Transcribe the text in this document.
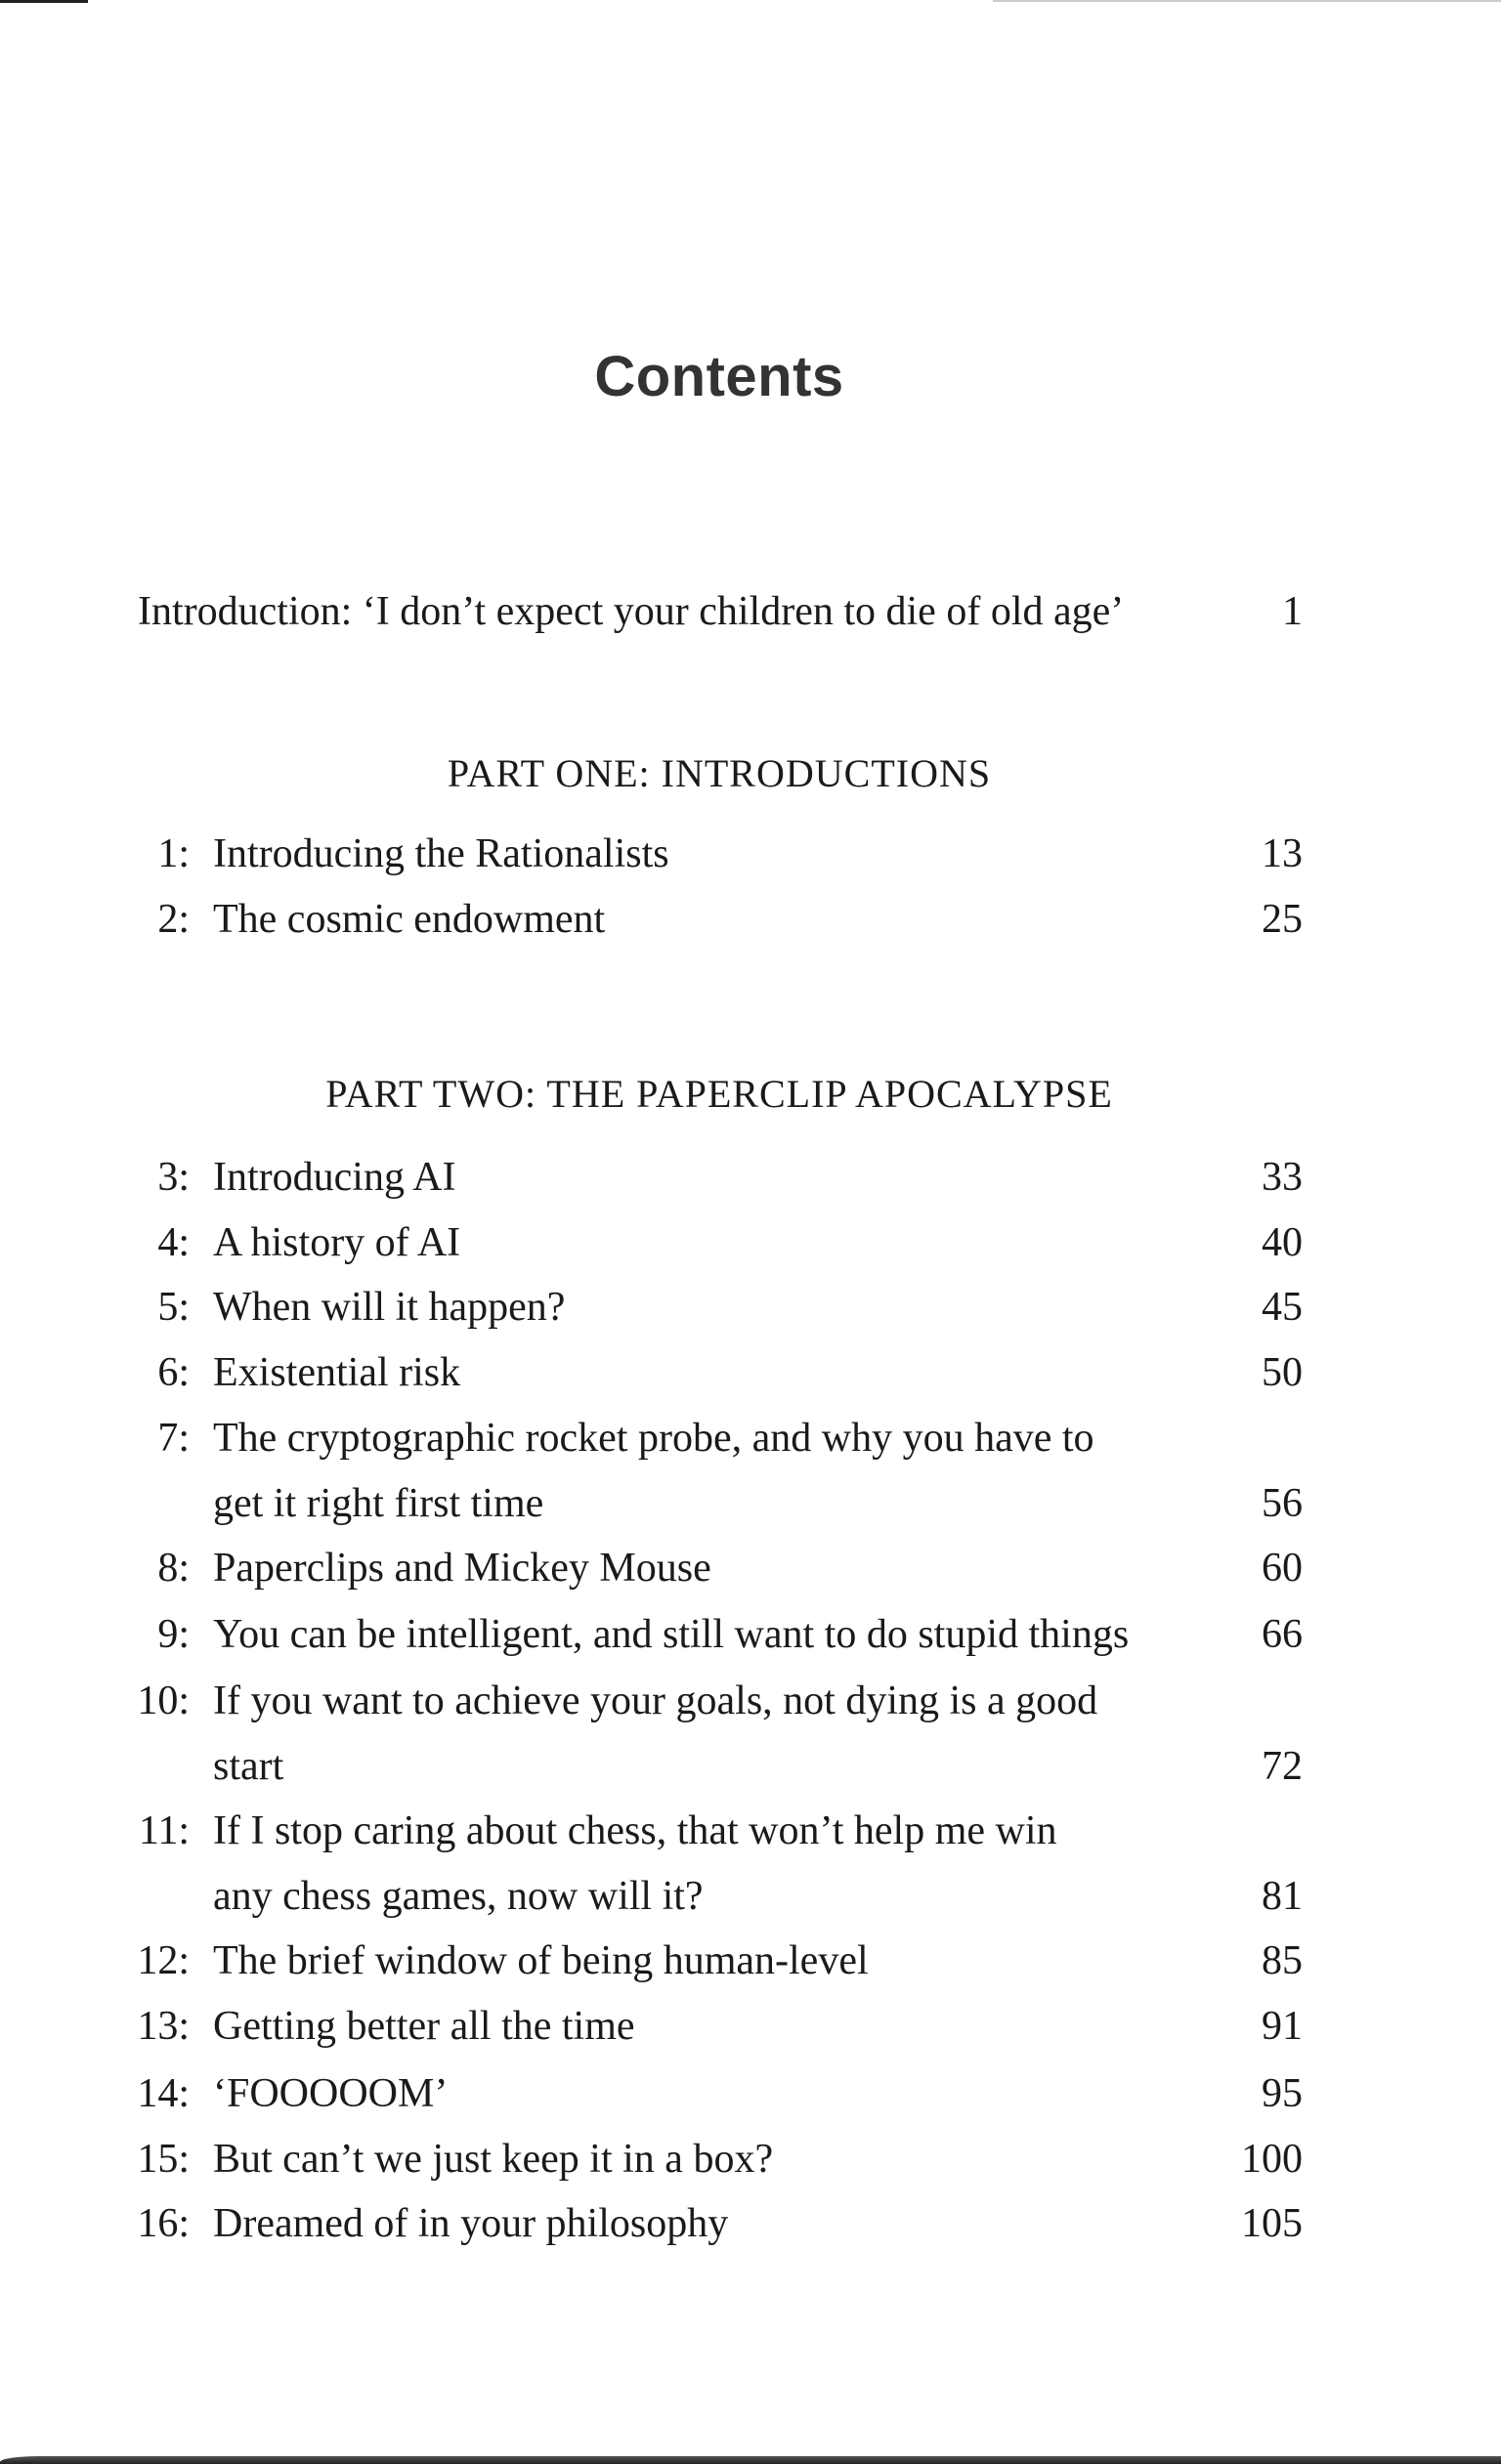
Contents
Introduction: ‘I don’t expect your children to die of old age’	1
PART ONE: INTRODUCTIONS
1: Introducing the Rationalists	13
2: The cosmic endowment	25
PART TWO: THE PAPERCLIP APOCALYPSE
3: Introducing AI	33
4: A history of AI	40
5: When will it happen?	45
6: Existential risk	50
7: The cryptographic rocket probe, and why you have to
get it right first time	56
8: Paperclips and Mickey Mouse	60
9: You can be intelligent, and still want to do stupid things	66
10: If you want to achieve your goals, not dying is a good
start	72
11: If I stop caring about chess, that won’t help me win
any chess games, now will it?	81
12: The brief window of being human-level	85
13: Getting better all the time	91
14: ‘FOOOOOM’	95
15: But can’t we just keep it in a box?	100
16: Dreamed of in your philosophy	105
